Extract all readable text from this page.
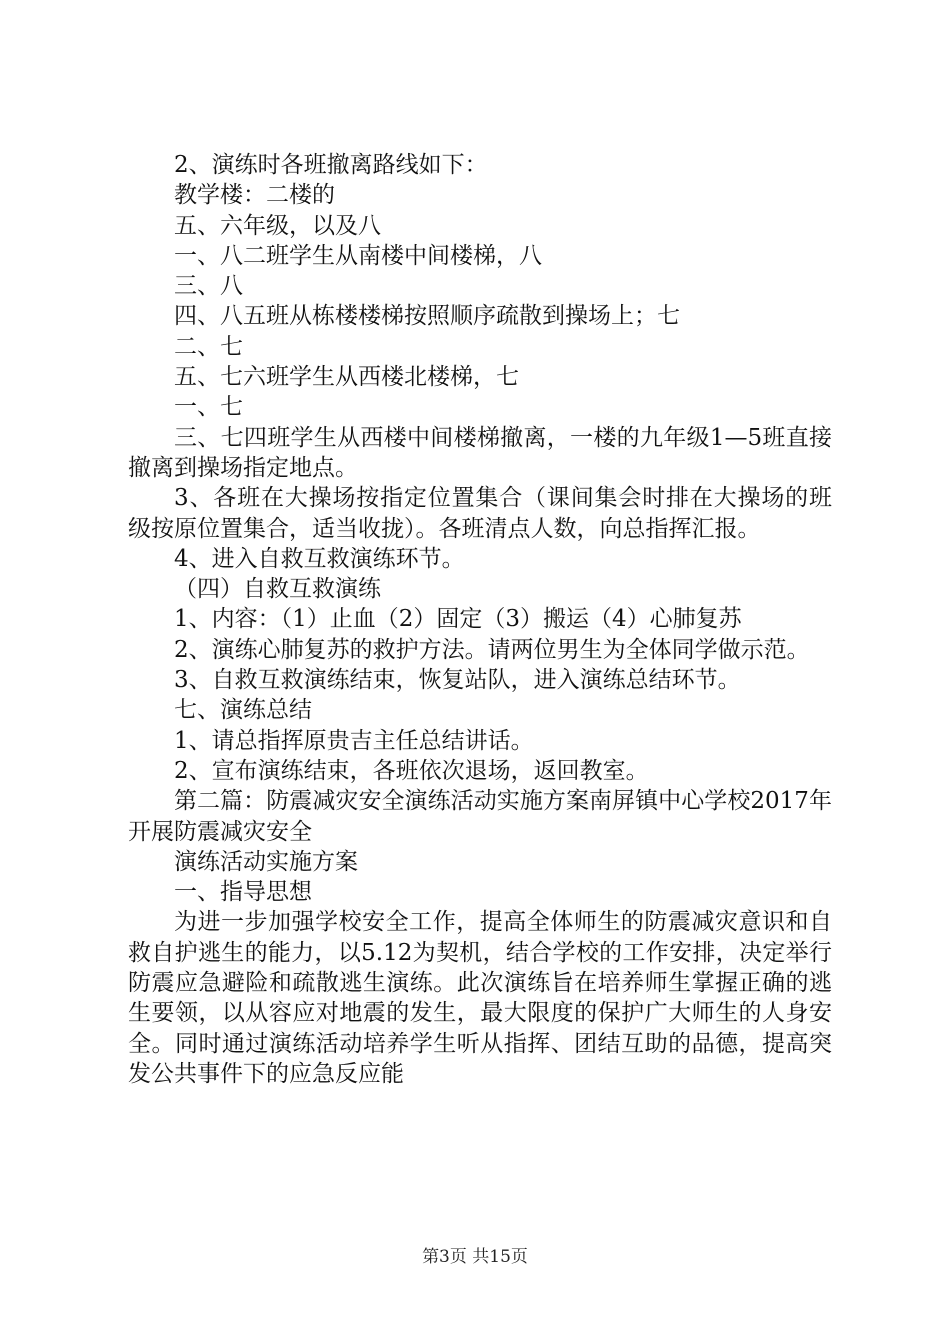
2、演练时各班撤离路线如下：
教学楼：二楼的
五、六年级，以及八
一、八二班学生从南楼中间楼梯，八
三、八
四、八五班从栋楼楼梯按照顺序疏散到操场上；七
二、七
五、七六班学生从西楼北楼梯，七
一、七
三、七四班学生从西楼中间楼梯撤离，一楼的九年级1—5班直接撤离到操场指定地点。
3、各班在大操场按指定位置集合（课间集会时排在大操场的班级按原位置集合，适当收拢）。各班清点人数，向总指挥汇报。
4、进入自救互救演练环节。
（四）自救互救演练
1、内容：（1）止血（2）固定（3）搬运（4）心肺复苏
2、演练心肺复苏的救护方法。请两位男生为全体同学做示范。
3、自救互救演练结束，恢复站队，进入演练总结环节。
七、演练总结
1、请总指挥原贵吉主任总结讲话。
2、宣布演练结束，各班依次退场，返回教室。
第二篇：防震减灾安全演练活动实施方案南屏镇中心学校2017年开展防震减灾安全
演练活动实施方案
一、指导思想
为进一步加强学校安全工作，提高全体师生的防震减灾意识和自救自护逃生的能力，以5.12为契机，结合学校的工作安排，决定举行防震应急避险和疏散逃生演练。此次演练旨在培养师生掌握正确的逃生要领，以从容应对地震的发生，最大限度的保护广大师生的人身安全。同时通过演练活动培养学生听从指挥、团结互助的品德，提高突发公共事件下的应急反应能
第3页 共15页
